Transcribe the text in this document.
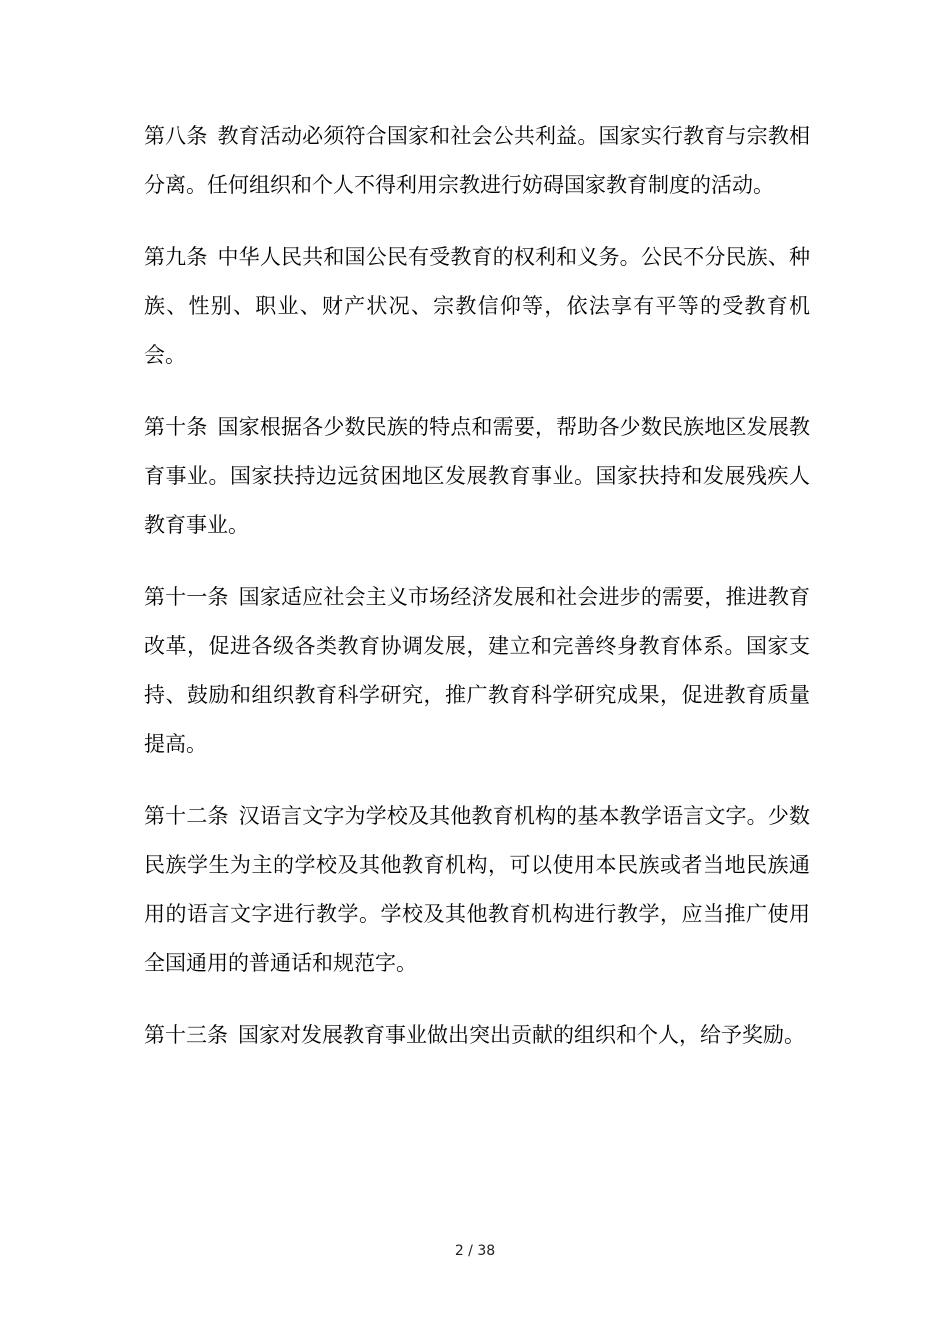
第八条 教育活动必须符合国家和社会公共利益。国家实行教育与宗教相分离。任何组织和个人不得利用宗教进行妨碍国家教育制度的活动。

第九条 中华人民共和国公民有受教育的权利和义务。公民不分民族、种族、性别、职业、财产状况、宗教信仰等，依法享有平等的受教育机会。

第十条 国家根据各少数民族的特点和需要，帮助各少数民族地区发展教育事业。国家扶持边远贫困地区发展教育事业。国家扶持和发展残疾人教育事业。

第十一条 国家适应社会主义市场经济发展和社会进步的需要，推进教育改革，促进各级各类教育协调发展，建立和完善终身教育体系。国家支持、鼓励和组织教育科学研究，推广教育科学研究成果，促进教育质量提高。

第十二条 汉语言文字为学校及其他教育机构的基本教学语言文字。少数民族学生为主的学校及其他教育机构，可以使用本民族或者当地民族通用的语言文字进行教学。学校及其他教育机构进行教学，应当推广使用全国通用的普通话和规范字。

第十三条 国家对发展教育事业做出突出贡献的组织和个人，给予奖励。

2 / 38
